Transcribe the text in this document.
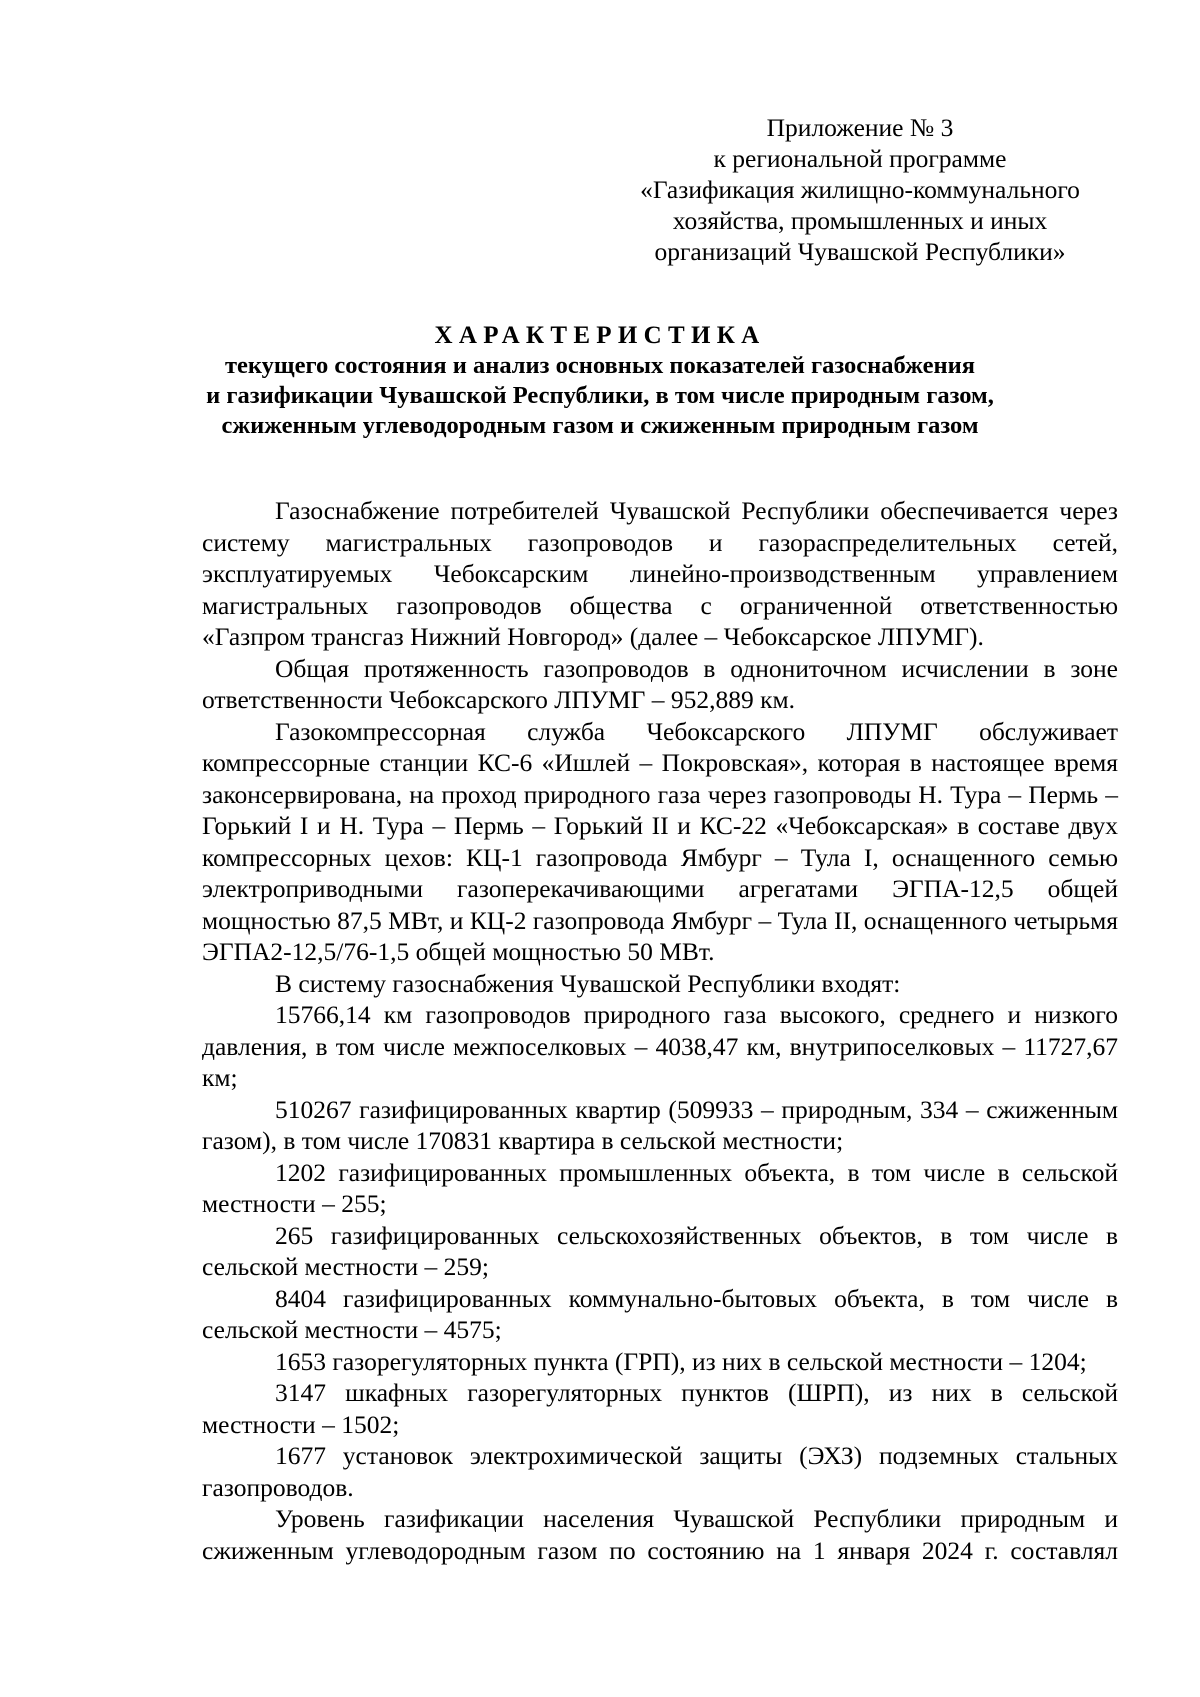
Приложение № 3
к региональной программе
«Газификация жилищно-коммунального
хозяйства, промышленных и иных
организаций Чувашской Республики»
ХАРАКТЕРИСТИКА
текущего состояния и анализ основных показателей газоснабжения
и газификации Чувашской Республики, в том числе природным газом,
сжиженным углеводородным газом и сжиженным природным газом

Газоснабжение потребителей Чувашской Республики обеспечивается через систему магистральных газопроводов и газораспределительных сетей, эксплуатируемых Чебоксарским линейно-производственным управлением магистральных газопроводов общества с ограниченной ответственностью «Газпром трансгаз Нижний Новгород» (далее – Чебоксарское ЛПУМГ).

Общая протяженность газопроводов в однониточном исчислении в зоне ответственности Чебоксарского ЛПУМГ – 952,889 км.

Газокомпрессорная служба Чебоксарского ЛПУМГ обслуживает компрессорные станции КС-6 «Ишлей – Покровская», которая в настоящее время законсервирована, на проход природного газа через газопроводы Н. Тура – Пермь – Горький I и Н. Тура – Пермь – Горький II и КС-22 «Чебоксарская» в составе двух компрессорных цехов: КЦ-1 газопровода Ямбург – Тула I, оснащенного семью электроприводными газоперекачивающими агрегатами ЭГПА-12,5 общей мощностью 87,5 МВт, и КЦ-2 газопровода Ямбург – Тула II, оснащенного четырьмя ЭГПА2-12,5/76-1,5 общей мощностью 50 МВт.

В систему газоснабжения Чувашской Республики входят:

15766,14 км газопроводов природного газа высокого, среднего и низкого давления, в том числе межпоселковых – 4038,47 км, внутрипоселковых – 11727,67 км;

510267 газифицированных квартир (509933 – природным, 334 – сжиженным газом), в том числе 170831 квартира в сельской местности;

1202 газифицированных промышленных объекта, в том числе в сельской местности – 255;

265 газифицированных сельскохозяйственных объектов, в том числе в сельской местности – 259;

8404 газифицированных коммунально-бытовых объекта, в том числе в сельской местности – 4575;

1653 газорегуляторных пункта (ГРП), из них в сельской местности – 1204;

3147 шкафных газорегуляторных пунктов (ШРП), из них в сельской местности – 1502;

1677 установок электрохимической защиты (ЭХЗ) подземных стальных газопроводов.

Уровень газификации населения Чувашской Республики природным и сжиженным углеводородным газом по состоянию на 1 января 2024 г. составлял
